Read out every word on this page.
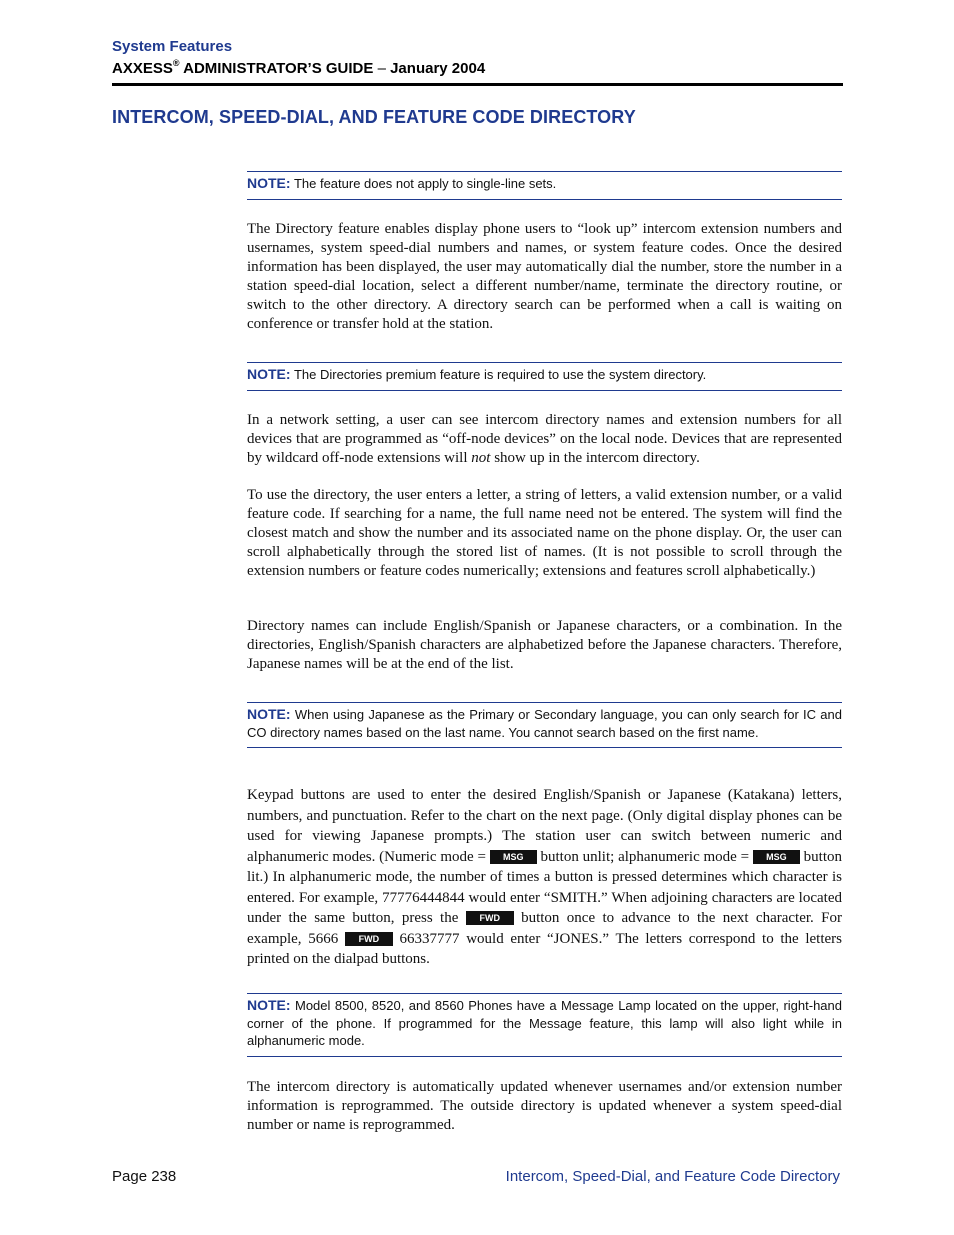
System Features
AXXESS® ADMINISTRATOR’S GUIDE – January 2004
INTERCOM, SPEED-DIAL, AND FEATURE CODE DIRECTORY
NOTE: The feature does not apply to single-line sets.
The Directory feature enables display phone users to “look up” intercom extension numbers and usernames, system speed-dial numbers and names, or system feature codes. Once the desired information has been displayed, the user may automatically dial the number, store the number in a station speed-dial location, select a different number/name, terminate the directory routine, or switch to the other directory. A directory search can be performed when a call is waiting on conference or transfer hold at the station.
NOTE: The Directories premium feature is required to use the system directory.
In a network setting, a user can see intercom directory names and extension numbers for all devices that are programmed as “off-node devices” on the local node. Devices that are represented by wildcard off-node extensions will not show up in the intercom directory.
To use the directory, the user enters a letter, a string of letters, a valid extension number, or a valid feature code. If searching for a name, the full name need not be entered. The system will find the closest match and show the number and its associated name on the phone display. Or, the user can scroll alphabetically through the stored list of names. (It is not possible to scroll through the extension numbers or feature codes numerically; extensions and features scroll alphabetically.)
Directory names can include English/Spanish or Japanese characters, or a combination. In the directories, English/Spanish characters are alphabetized before the Japanese characters. Therefore, Japanese names will be at the end of the list.
NOTE: When using Japanese as the Primary or Secondary language, you can only search for IC and CO directory names based on the last name. You cannot search based on the first name.
Keypad buttons are used to enter the desired English/Spanish or Japanese (Katakana) letters, numbers, and punctuation. Refer to the chart on the next page. (Only digital display phones can be used for viewing Japanese prompts.) The station user can switch between numeric and alphanumeric modes. (Numeric mode = MSG button unlit; alphanumeric mode = MSG button lit.) In alphanumeric mode, the number of times a button is pressed determines which character is entered. For example, 77776444844 would enter “SMITH.” When adjoining characters are located under the same button, press the FWD button once to advance to the next character. For example, 5666 FWD 66337777 would enter “JONES.” The letters correspond to the letters printed on the dialpad buttons.
NOTE: Model 8500, 8520, and 8560 Phones have a Message Lamp located on the upper, right-hand corner of the phone. If programmed for the Message feature, this lamp will also light while in alphanumeric mode.
The intercom directory is automatically updated whenever usernames and/or extension number information is reprogrammed. The outside directory is updated whenever a system speed-dial number or name is reprogrammed.
Page 238	Intercom, Speed-Dial, and Feature Code Directory
